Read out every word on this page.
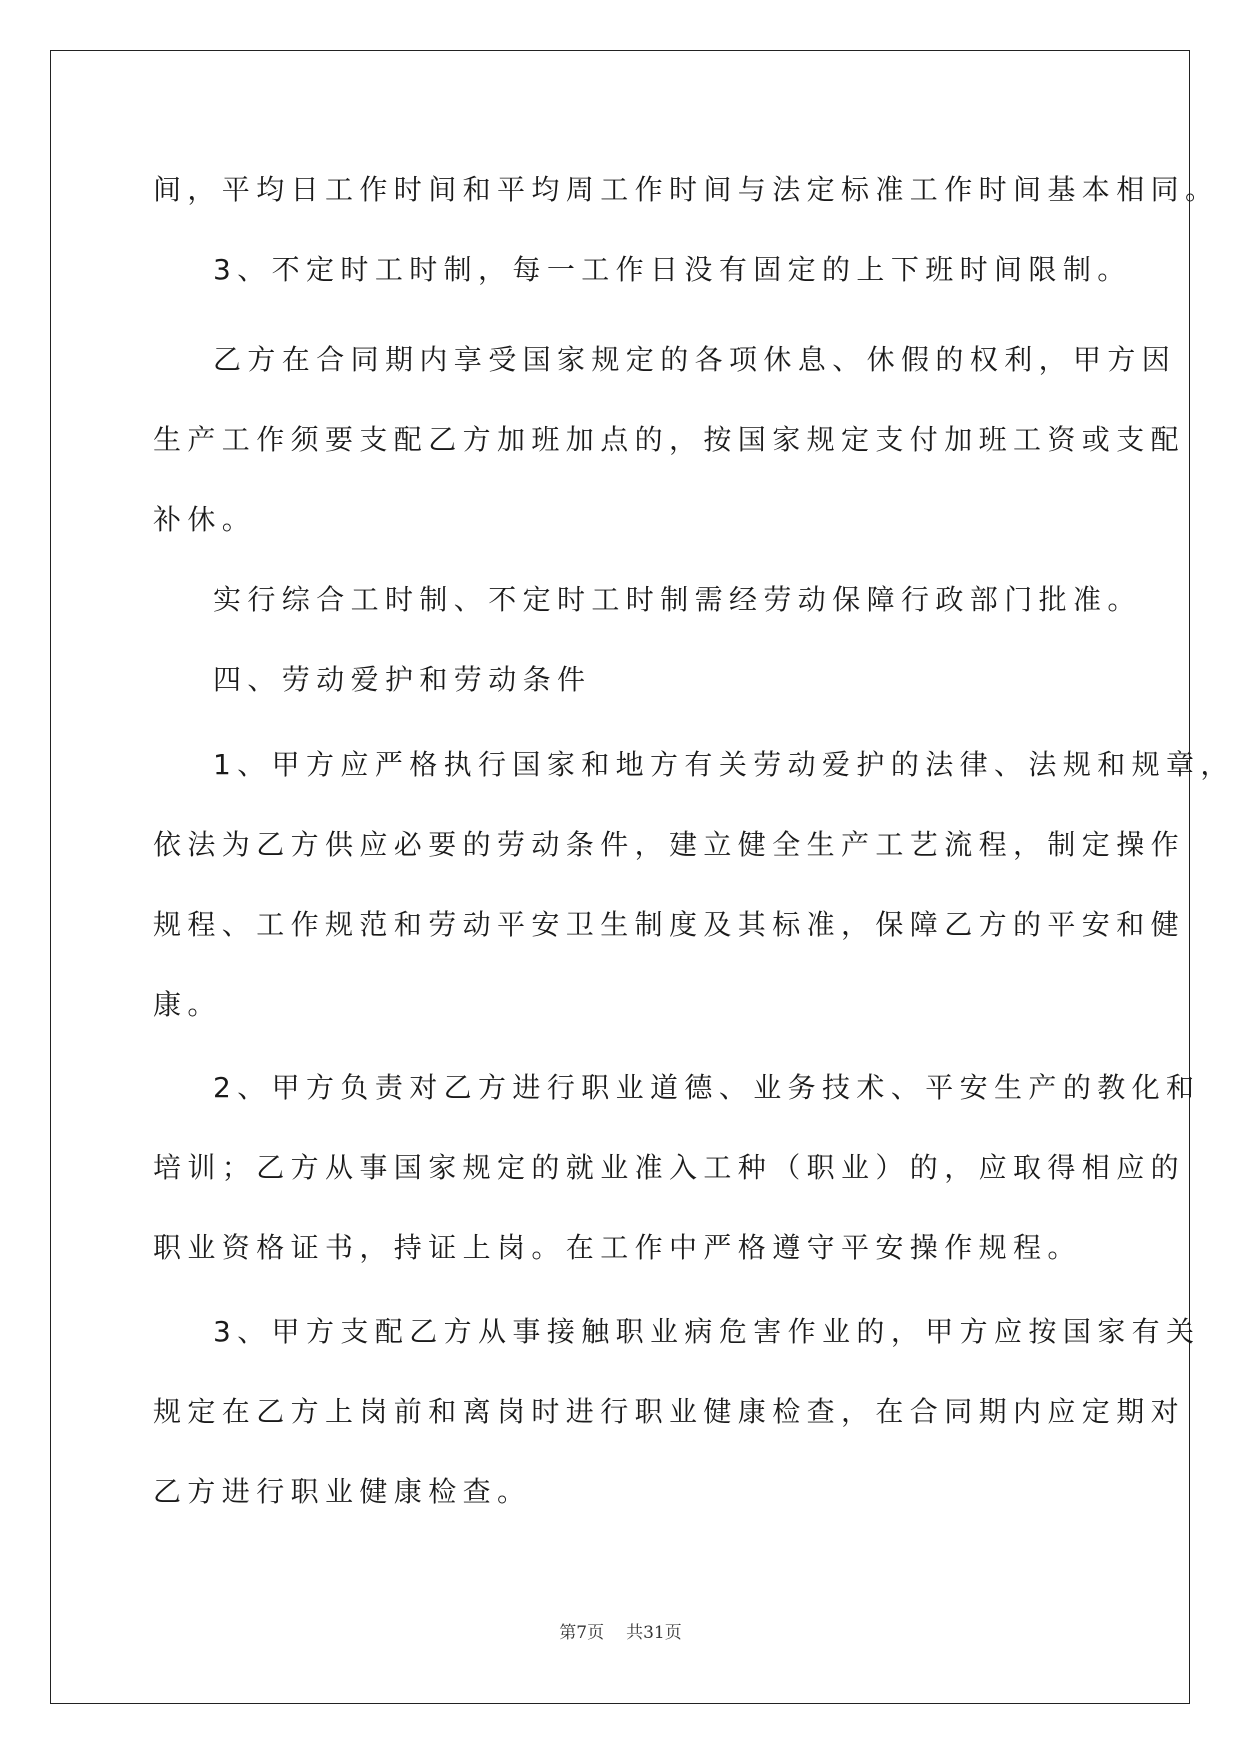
间，平均日工作时间和平均周工作时间与法定标准工作时间基本相同。

3、不定时工时制，每一工作日没有固定的上下班时间限制。

乙方在合同期内享受国家规定的各项休息、休假的权利，甲方因

生产工作须要支配乙方加班加点的，按国家规定支付加班工资或支配

补休。

实行综合工时制、不定时工时制需经劳动保障行政部门批准。

四、劳动爱护和劳动条件

1、甲方应严格执行国家和地方有关劳动爱护的法律、法规和规章，

依法为乙方供应必要的劳动条件，建立健全生产工艺流程，制定操作

规程、工作规范和劳动平安卫生制度及其标准，保障乙方的平安和健

康。

2、甲方负责对乙方进行职业道德、业务技术、平安生产的教化和

培训；乙方从事国家规定的就业准入工种（职业）的，应取得相应的

职业资格证书，持证上岗。在工作中严格遵守平安操作规程。

3、甲方支配乙方从事接触职业病危害作业的，甲方应按国家有关

规定在乙方上岗前和离岗时进行职业健康检查，在合同期内应定期对

乙方进行职业健康检查。

第7页 共31页
